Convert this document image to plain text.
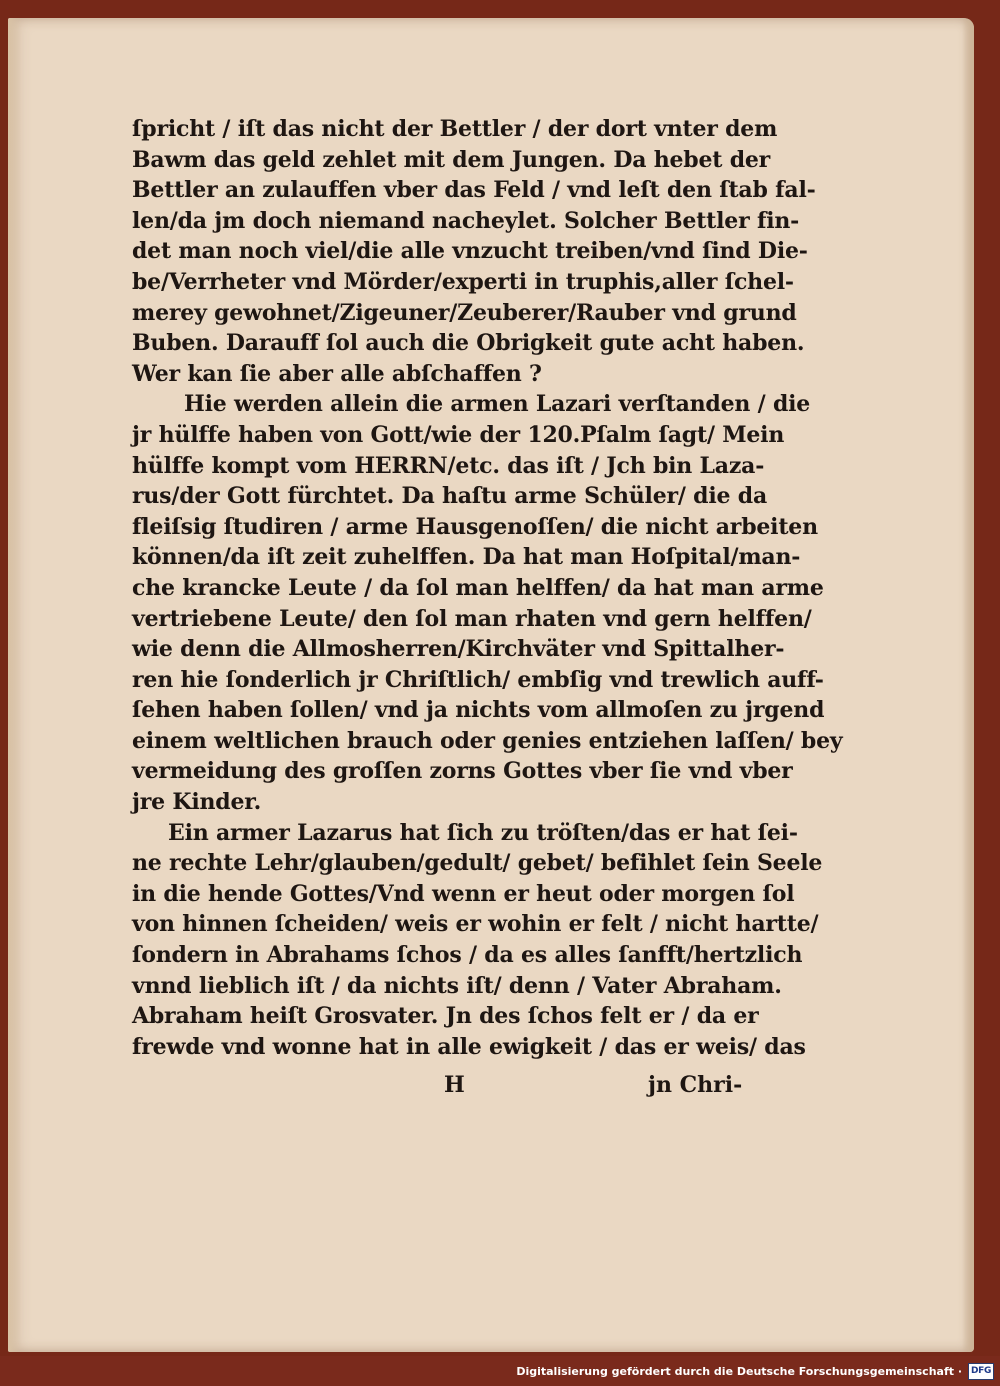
ſpricht / iſt das nicht der Bettler / der dort vnter dem
Bawm das geld zehlet mit dem Jungen. Da hebet der
Bettler an zulauffen vber das Feld / vnd leſt den ſtab fal-
len/da jm doch niemand nacheylet. Solcher Bettler fin-
det man noch viel/die alle vnzucht treiben/vnd ſind Die-
be/Verrheter vnd Mörder/experti in truphis,aller ſchel-
merey gewohnet/Zigeuner/Zeuberer/Rauber vnd grund
Buben. Darauff ſol auch die Obrigkeit gute acht haben.
Wer kan ſie aber alle abſchaffen ?
Hie werden allein die armen Lazari verſtanden / die
jr hülffe haben von Gott/wie der 120.Pſalm ſagt/ Mein
hülffe kompt vom HERRN/etc. das iſt / Jch bin Laza-
rus/der Gott fürchtet. Da haſtu arme Schüler/ die da
fleiſsig ſtudiren / arme Hausgenoſſen/ die nicht arbeiten
können/da iſt zeit zuhelffen. Da hat man Hoſpital/man-
che krancke Leute / da ſol man helffen/ da hat man arme
vertriebene Leute/ den ſol man rhaten vnd gern helffen/
wie denn die Allmosherren/Kirchväter vnd Spittalher-
ren hie ſonderlich jr Chriſtlich/ embſig vnd trewlich auff-
ſehen haben ſollen/ vnd ja nichts vom allmoſen zu jrgend
einem weltlichen brauch oder genies entziehen laſſen/ bey
vermeidung des groſſen zorns Gottes vber ſie vnd vber
jre Kinder.
Ein armer Lazarus hat ſich zu tröſten/das er hat ſei-
ne rechte Lehr/glauben/gedult/ gebet/ befihlet ſein Seele
in die hende Gottes/Vnd wenn er heut oder morgen ſol
von hinnen ſcheiden/ weis er wohin er felt / nicht hartte/
ſondern in Abrahams ſchos / da es alles ſanfft/hertzlich
vnnd lieblich iſt / da nichts iſt/ denn / Vater Abraham.
Abraham heiſt Grosvater. Jn des ſchos felt er / da er
frewde vnd wonne hat in alle ewigkeit / das er weis/ das
H	jn Chri-
Digitalisierung gefördert durch die Deutsche Forschungsgemeinschaft · DFG
